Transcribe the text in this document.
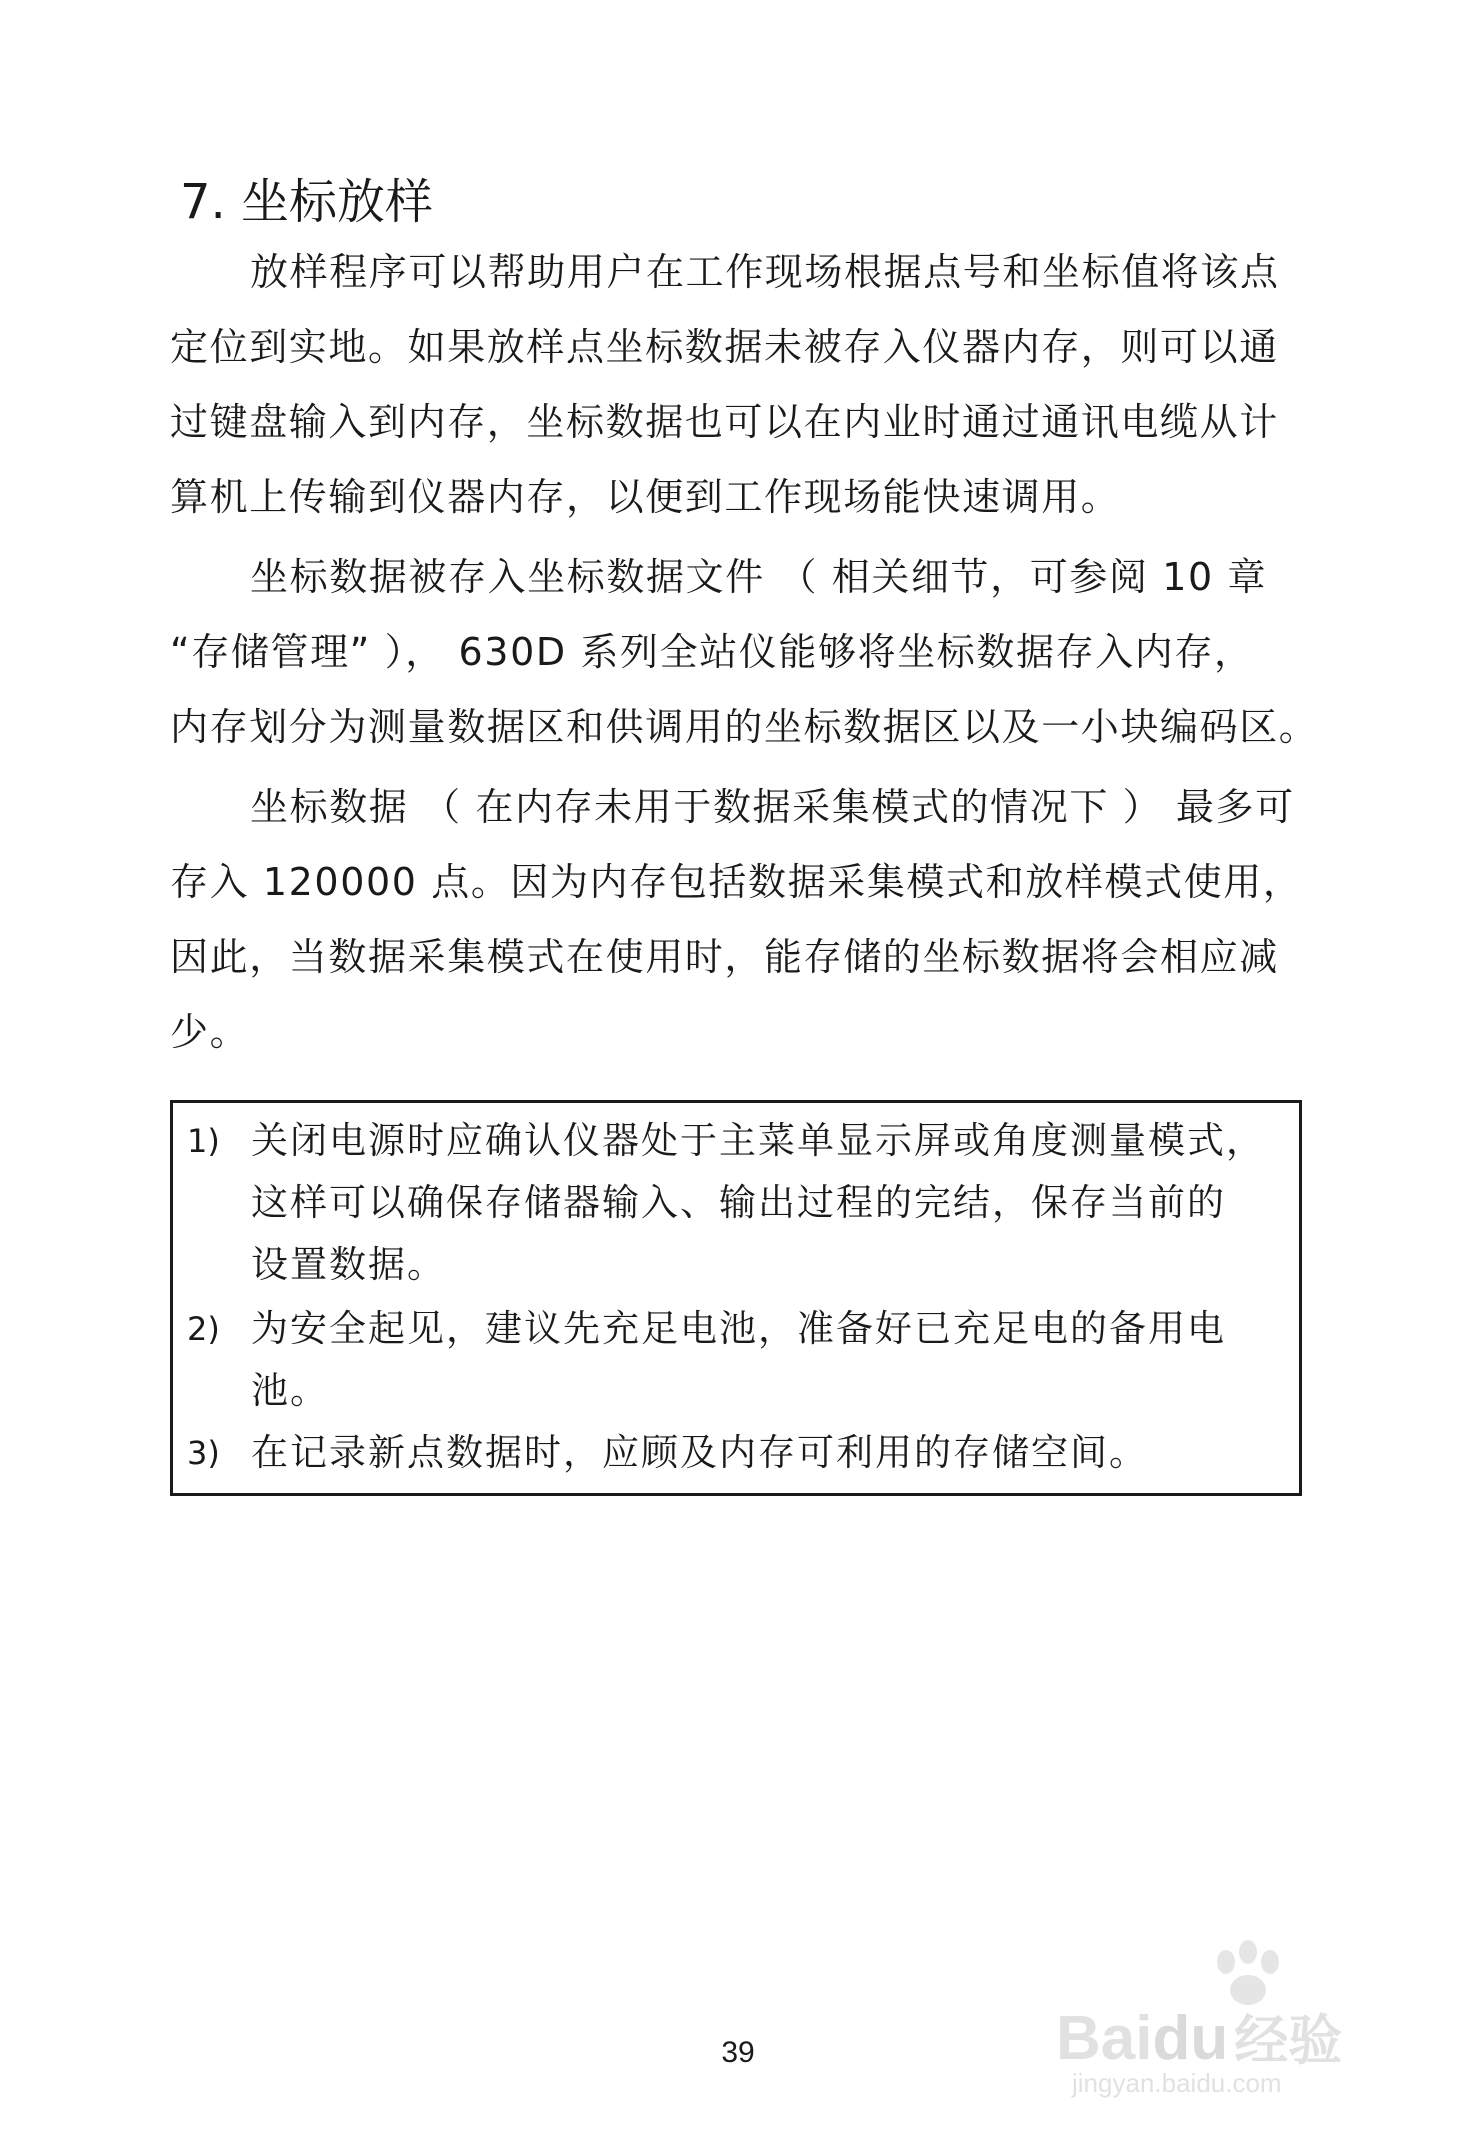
7. 坐标放样
放样程序可以帮助用户在工作现场根据点号和坐标值将该点
定位到实地。如果放样点坐标数据未被存入仪器内存，则可以通
过键盘输入到内存，坐标数据也可以在内业时通过通讯电缆从计
算机上传输到仪器内存，以便到工作现场能快速调用。
坐标数据被存入坐标数据文件 （ 相关细节，可参阅 10 章
“存储管理” ）， 630D 系列全站仪能够将坐标数据存入内存，
内存划分为测量数据区和供调用的坐标数据区以及一小块编码区。
坐标数据 （ 在内存未用于数据采集模式的情况下 ） 最多可
存入 120000 点。因为内存包括数据采集模式和放样模式使用，
因此，当数据采集模式在使用时，能存储的坐标数据将会相应减
少。
1) 关闭电源时应确认仪器处于主菜单显示屏或角度测量模式，
这样可以确保存储器输入、输出过程的完结，保存当前的
设置数据。
2) 为安全起见，建议先充足电池，准备好已充足电的备用电
池。
3) 在记录新点数据时，应顾及内存可利用的存储空间。
39	Baidu 经验
jingyan.baidu.com
